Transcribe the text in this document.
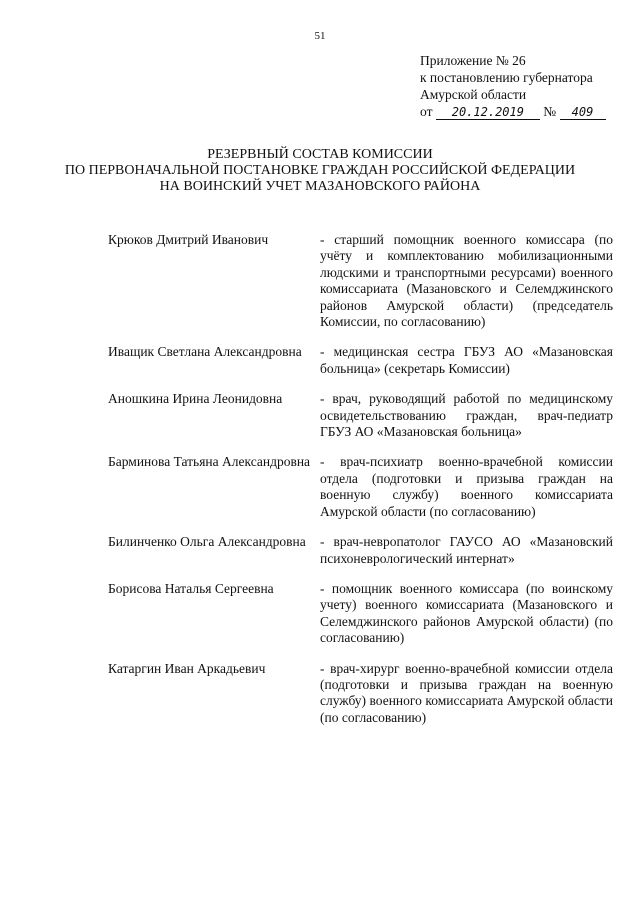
51
Приложение № 26
к постановлению губернатора
Амурской области
от 20.12.2019 № 409
РЕЗЕРВНЫЙ СОСТАВ КОМИССИИ
ПО ПЕРВОНАЧАЛЬНОЙ ПОСТАНОВКЕ ГРАЖДАН РОССИЙСКОЙ ФЕДЕРАЦИИ
НА ВОИНСКИЙ УЧЕТ МАЗАНОВСКОГО РАЙОНА
Крюков Дмитрий Иванович	- старший помощник военного комиссара (по учёту и комплектованию мобилизационными людскими и транспортными ресурсами) военного комиссариата (Мазановского и Селемджинского районов Амурской области) (председатель Комиссии, по согласованию)
Иващик Светлана Александровна	- медицинская сестра ГБУЗ АО «Мазановская больница» (секретарь Комиссии)
Аношкина Ирина Леонидовна	- врач, руководящий работой по медицинскому освидетельствованию граждан, врач-педиатр ГБУЗ АО «Мазановская больница»
Барминова Татьяна Александровна - врач-психиатр военно-врачебной комиссии отдела (подготовки и призыва граждан на военную службу) военного комиссариата Амурской области (по согласованию)
Билинченко Ольга Александровна	- врач-невропатолог ГАУСО АО «Мазановский психоневрологический интернат»
Борисова Наталья Сергеевна	- помощник военного комиссара (по воинскому учету) военного комиссариата (Мазановского и Селемджинского районов Амурской области) (по согласованию)
Катаргин Иван Аркадьевич	- врач-хирург военно-врачебной комиссии отдела (подготовки и призыва граждан на военную службу) военного комиссариата Амурской области (по согласованию)
